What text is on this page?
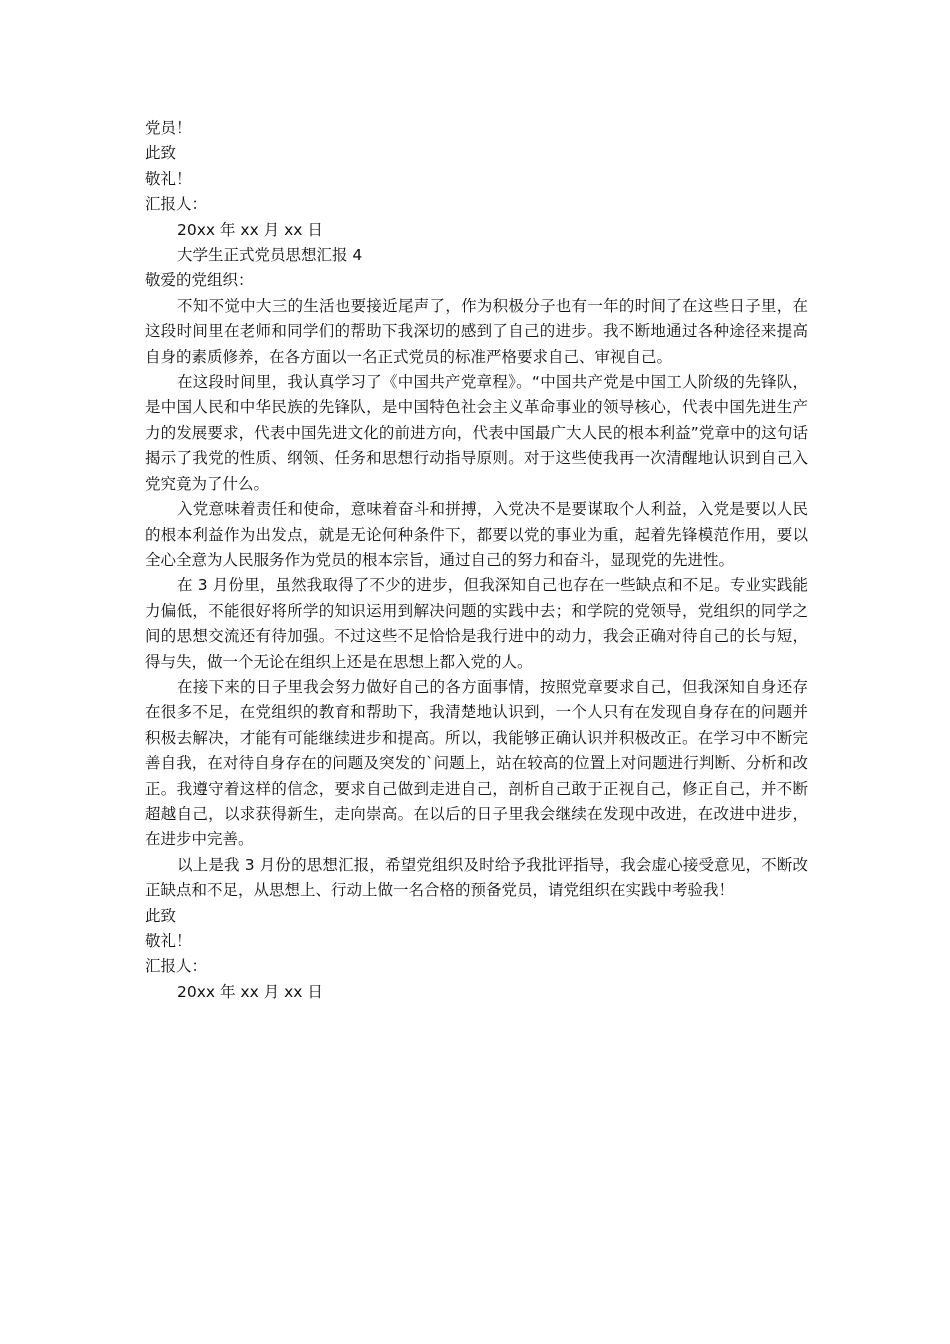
党员！

此致

敬礼！

汇报人：

20xx 年 xx 月 xx 日

大学生正式党员思想汇报 4

敬爱的党组织：

不知不觉中大三的生活也要接近尾声了，作为积极分子也有一年的时间了在这些日子里，在这段时间里在老师和同学们的帮助下我深切的感到了自己的进步。我不断地通过各种途径来提高自身的素质修养，在各方面以一名正式党员的标准严格要求自己、审视自己。

在这段时间里，我认真学习了《中国共产党章程》。“中国共产党是中国工人阶级的先锋队，是中国人民和中华民族的先锋队，是中国特色社会主义革命事业的领导核心，代表中国先进生产力的发展要求，代表中国先进文化的前进方向，代表中国最广大人民的根本利益”党章中的这句话揭示了我党的性质、纲领、任务和思想行动指导原则。对于这些使我再一次清醒地认识到自己入党究竟为了什么。

入党意味着责任和使命，意味着奋斗和拼搏，入党决不是要谋取个人利益，入党是要以人民的根本利益作为出发点，就是无论何种条件下，都要以党的事业为重，起着先锋模范作用，要以全心全意为人民服务作为党员的根本宗旨，通过自己的努力和奋斗，显现党的先进性。

在 3 月份里，虽然我取得了不少的进步，但我深知自己也存在一些缺点和不足。专业实践能力偏低，不能很好将所学的知识运用到解决问题的实践中去；和学院的党领导，党组织的同学之间的思想交流还有待加强。不过这些不足恰恰是我行进中的动力，我会正确对待自己的长与短，得与失，做一个无论在组织上还是在思想上都入党的人。

在接下来的日子里我会努力做好自己的各方面事情，按照党章要求自己，但我深知自身还存在很多不足，在党组织的教育和帮助下，我清楚地认识到，一个人只有在发现自身存在的问题并积极去解决，才能有可能继续进步和提高。所以，我能够正确认识并积极改正。在学习中不断完善自我，在对待自身存在的问题及突发的`问题上，站在较高的位置上对问题进行判断、分析和改正。我遵守着这样的信念，要求自己做到走进自己，剖析自己敢于正视自己，修正自己，并不断超越自己，以求获得新生，走向崇高。在以后的日子里我会继续在发现中改进，在改进中进步，在进步中完善。

以上是我 3 月份的思想汇报，希望党组织及时给予我批评指导，我会虚心接受意见，不断改正缺点和不足，从思想上、行动上做一名合格的预备党员，请党组织在实践中考验我！

此致

敬礼！

汇报人：

20xx 年 xx 月 xx 日
